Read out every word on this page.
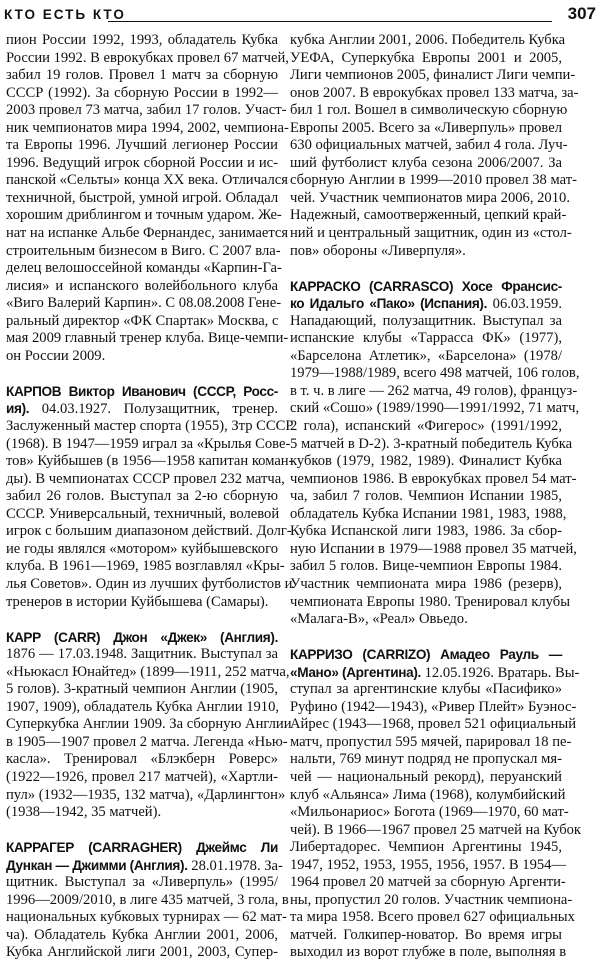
КТО ЕСТЬ КТО	307
пион России 1992, 1993, обладатель Кубка
России 1992. В еврокубках провел 67 матчей,
забил 19 голов. Провел 1 матч за сборную
СССР (1992). За сборную России в 1992—
2003 провел 73 матча, забил 17 голов. Участ-
ник чемпионатов мира 1994, 2002, чемпиона-
та Европы 1996. Лучший легионер России
1996. Ведущий игрок сборной России и ис-
панской «Сельты» конца XX века. Отличался
техничной, быстрой, умной игрой. Обладал
хорошим дриблингом и точным ударом. Же-
нат на испанке Альбе Фернандес, занимается
строительным бизнесом в Виго. С 2007 вла-
делец велошоссейной команды «Карпин-Га-
лисия» и испанского волейбольного клуба
«Виго Валерий Карпин». С 08.08.2008 Гене-
ральный директор «ФК Спартак» Москва, с
мая 2009 главный тренер клуба. Вице-чемпи-
он России 2009.
КАРПОВ Виктор Иванович (СССР, Росс-
ия). 04.03.1927. Полузащитник, тренер.
Заслуженный мастер спорта (1955), Зтр СССР
(1968). В 1947—1959 играл за «Крылья Сове-
тов» Куйбышев (в 1956—1958 капитан коман-
ды). В чемпионатах СССР провел 232 матча,
забил 26 голов. Выступал за 2-ю сборную
СССР. Универсальный, техничный, волевой
игрок с большим диапазоном действий. Долг-
ие годы являлся «мотором» куйбышевского
клуба. В 1961—1969, 1985 возглавлял «Кры-
лья Советов». Один из лучших футболистов и
тренеров в истории Куйбышева (Самары).
КАРР (CARR) Джон «Джек» (Англия).
1876 — 17.03.1948. Защитник. Выступал за
«Ньюкасл Юнайтед» (1899—1911, 252 матча,
5 голов). 3-кратный чемпион Англии (1905,
1907, 1909), обладатель Кубка Англии 1910,
Суперкубка Англии 1909. За сборную Англии
в 1905—1907 провел 2 матча. Легенда «Нью-
касла». Тренировал «Блэкберн Роверс»
(1922—1926, провел 217 матчей), «Хартли-
пул» (1932—1935, 132 матча), «Дарлингтон»
(1938—1942, 35 матчей).
КАРРАГЕР (CARRAGHER) Джеймс Ли
Дункан — Джимми (Англия). 28.01.1978. За-
щитник. Выступал за «Ливерпуль» (1995/
1996—2009/2010, в лиге 435 матчей, 3 гола, в
национальных кубковых турнирах — 62 мат-
ча). Обладатель Кубка Англии 2001, 2006,
Кубка Английской лиги 2001, 2003, Супер-
кубка Англии 2001, 2006. Победитель Кубка
УЕФА, Суперкубка Европы 2001 и 2005,
Лиги чемпионов 2005, финалист Лиги чемпи-
онов 2007. В еврокубках провел 133 матча, за-
бил 1 гол. Вошел в символическую сборную
Европы 2005. Всего за «Ливерпуль» провел
630 официальных матчей, забил 4 гола. Луч-
ший футболист клуба сезона 2006/2007. За
сборную Англии в 1999—2010 провел 38 мат-
чей. Участник чемпионатов мира 2006, 2010.
Надежный, самоотверженный, цепкий край-
ний и центральный защитник, один из «стол-
пов» обороны «Ливерпуля».
КАРРАСКО (CARRASCO) Хосе Франсис-
ко Идальго «Пако» (Испания). 06.03.1959.
Нападающий, полузащитник. Выступал за
испанские клубы «Таррасса ФК» (1977),
«Барселона Атлетик», «Барселона» (1978/
1979—1988/1989, всего 498 матчей, 106 голов,
в т. ч. в лиге — 262 матча, 49 голов), француз-
ский «Сошо» (1989/1990—1991/1992, 71 матч,
2 гола), испанский «Фигерос» (1991/1992,
5 матчей в D-2). 3-кратный победитель Кубка
кубков (1979, 1982, 1989). Финалист Кубка
чемпионов 1986. В еврокубках провел 54 мат-
ча, забил 7 голов. Чемпион Испании 1985,
обладатель Кубка Испании 1981, 1983, 1988,
Кубка Испанской лиги 1983, 1986. За сбор-
ную Испании в 1979—1988 провел 35 матчей,
забил 5 голов. Вице-чемпион Европы 1984.
Участник чемпионата мира 1986 (резерв),
чемпионата Европы 1980. Тренировал клубы
«Малага-В», «Реал» Овьедо.
КАРРИЗО (CARRIZO) Амадео Рауль —
«Мано» (Аргентина). 12.05.1926. Вратарь. Вы-
ступал за аргентинские клубы «Пасифико»
Руфино (1942—1943), «Ривер Плейт» Буэнос-
Айрес (1943—1968, провел 521 официальный
матч, пропустил 595 мячей, парировал 18 пе-
нальти, 769 минут подряд не пропускал мя-
чей — национальный рекорд), перуанский
клуб «Альянса» Лима (1968), колумбийский
«Мильонариос» Богота (1969—1970, 60 мат-
чей). В 1966—1967 провел 25 матчей на Кубок
Либертадорес. Чемпион Аргентины 1945,
1947, 1952, 1953, 1955, 1956, 1957. В 1954—
1964 провел 20 матчей за сборную Аргенти-
ны, пропустил 20 голов. Участник чемпиона-
та мира 1958. Всего провел 627 официальных
матчей. Голкипер-новатор. Во время игры
выходил из ворот глубже в поле, выполняя в
